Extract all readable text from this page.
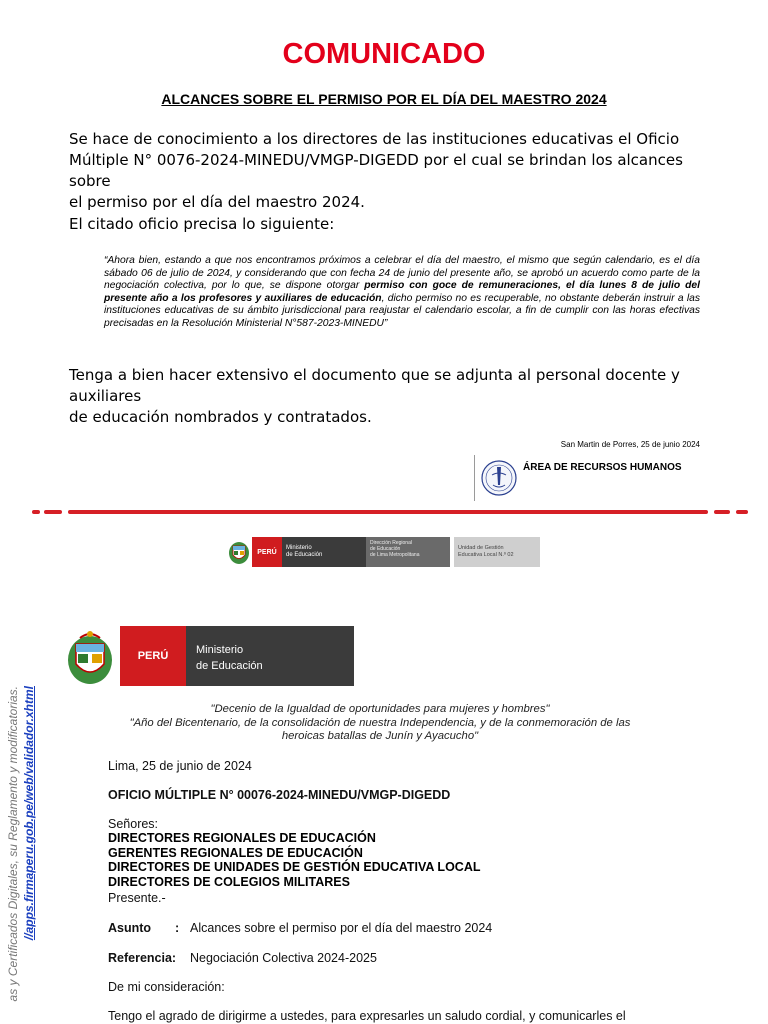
COMUNICADO
ALCANCES SOBRE EL PERMISO POR EL DÍA DEL MAESTRO 2024
Se hace de conocimiento a los directores de las instituciones educativas el Oficio
Múltiple N° 0076-2024-MINEDU/VMGP-DIGEDD por el cual se brindan los alcances sobre
el permiso por el día del maestro 2024.
El citado oficio precisa lo siguiente:
“Ahora bien, estando a que nos encontramos próximos a celebrar el día del maestro, el mismo que según calendario, es el día sábado 06 de julio de 2024, y considerando que con fecha 24 de junio del presente año, se aprobó un acuerdo como parte de la negociación colectiva, por lo que, se dispone otorgar permiso con goce de remuneraciones, el día lunes 8 de julio del presente año a los profesores y auxiliares de educación, dicho permiso no es recuperable, no obstante deberán instruir a las instituciones educativas de su ámbito jurisdiccional para reajustar el calendario escolar, a fin de cumplir con las horas efectivas precisadas en la Resolución Ministerial N°587-2023-MINEDU”
Tenga a bien hacer extensivo el documento que se adjunta al personal docente y auxiliares
de educación nombrados y contratados.
San Martin de Porres, 25 de junio 2024
ÁREA DE RECURSOS HUMANOS
PERÚ
Ministerio
de Educación
Dirección Regional
de Educación
de Lima Metropolitana
Unidad de Gestión
Educativa Local N.º 02
PERÚ	Ministerio
de Educación
"Decenio de la Igualdad de oportunidades para mujeres y hombres"
"Año del Bicentenario, de la consolidación de nuestra Independencia, y de la conmemoración de las
heroicas batallas de Junín y Ayacucho"
Lima, 25 de junio de 2024
OFICIO MÚLTIPLE N° 00076-2024-MINEDU/VMGP-DIGEDD
Señores:
DIRECTORES REGIONALES DE EDUCACIÓN
GERENTES REGIONALES DE EDUCACIÓN
DIRECTORES DE UNIDADES DE GESTIÓN EDUCATIVA LOCAL
DIRECTORES DE COLEGIOS MILITARES
Presente.-
Asunto : Alcances sobre el permiso por el día del maestro 2024
Referencia: Negociación Colectiva 2024-2025
De mi consideración:
Tengo el agrado de dirigirme a ustedes, para expresarles un saludo cordial, y comunicarles el
as y Certificados Digitales, su Reglamento y modificatorias. //apps.firmaperu.gob.pe/web/validador.xhtml
